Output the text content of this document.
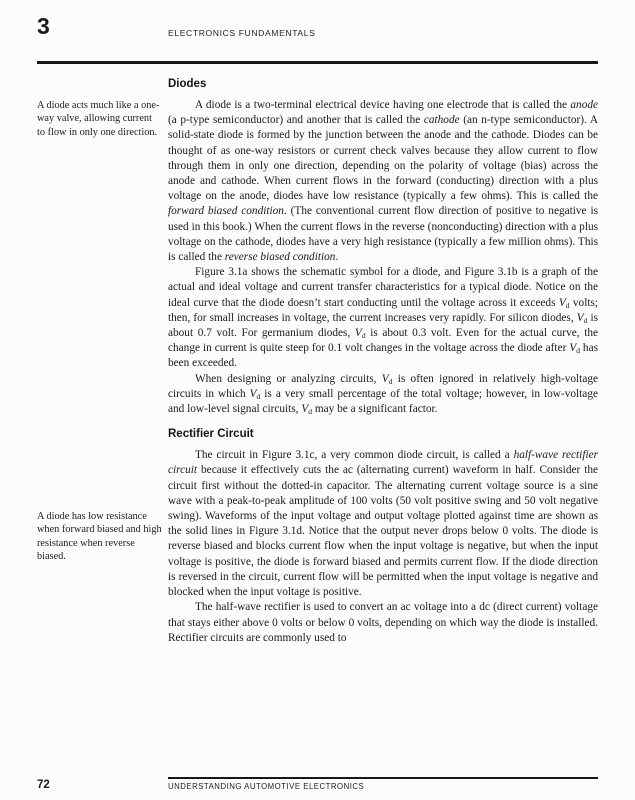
3	ELECTRONICS FUNDAMENTALS
A diode acts much like a one-way valve, allowing current to flow in only one direction.
A diode has low resistance when forward biased and high resistance when reverse biased.
Diodes

A diode is a two-terminal electrical device having one electrode that is called the anode (a p-type semiconductor) and another that is called the cathode (an n-type semiconductor). A solid-state diode is formed by the junction between the anode and the cathode. Diodes can be thought of as one-way resistors or current check valves because they allow current to flow through them in only one direction, depending on the polarity of voltage (bias) across the anode and cathode. When current flows in the forward (conducting) direction with a plus voltage on the anode, diodes have low resistance (typically a few ohms). This is called the forward biased condition. (The conventional current flow direction of positive to negative is used in this book.) When the current flows in the reverse (nonconducting) direction with a plus voltage on the cathode, diodes have a very high resistance (typically a few million ohms). This is called the reverse biased condition.

Figure 3.1a shows the schematic symbol for a diode, and Figure 3.1b is a graph of the actual and ideal voltage and current transfer characteristics for a typical diode. Notice on the ideal curve that the diode doesn’t start conducting until the voltage across it exceeds Vd volts; then, for small increases in voltage, the current increases very rapidly. For silicon diodes, Vd is about 0.7 volt. For germanium diodes, Vd is about 0.3 volt. Even for the actual curve, the change in current is quite steep for 0.1 volt changes in the voltage across the diode after Vd has been exceeded.

When designing or analyzing circuits, Vd is often ignored in relatively high-voltage circuits in which Vd is a very small percentage of the total voltage; however, in low-voltage and low-level signal circuits, Vd may be a significant factor.

Rectifier Circuit

The circuit in Figure 3.1c, a very common diode circuit, is called a half-wave rectifier circuit because it effectively cuts the ac (alternating current) waveform in half. Consider the circuit first without the dotted-in capacitor. The alternating current voltage source is a sine wave with a peak-to-peak amplitude of 100 volts (50 volt positive swing and 50 volt negative swing). Waveforms of the input voltage and output voltage plotted against time are shown as the solid lines in Figure 3.1d. Notice that the output never drops below 0 volts. The diode is reverse biased and blocks current flow when the input voltage is negative, but when the input voltage is positive, the diode is forward biased and permits current flow. If the diode direction is reversed in the circuit, current flow will be permitted when the input voltage is negative and blocked when the input voltage is positive.

The half-wave rectifier is used to convert an ac voltage into a dc (direct current) voltage that stays either above 0 volts or below 0 volts, depending on which way the diode is installed. Rectifier circuits are commonly used to

72	UNDERSTANDING AUTOMOTIVE ELECTRONICS
